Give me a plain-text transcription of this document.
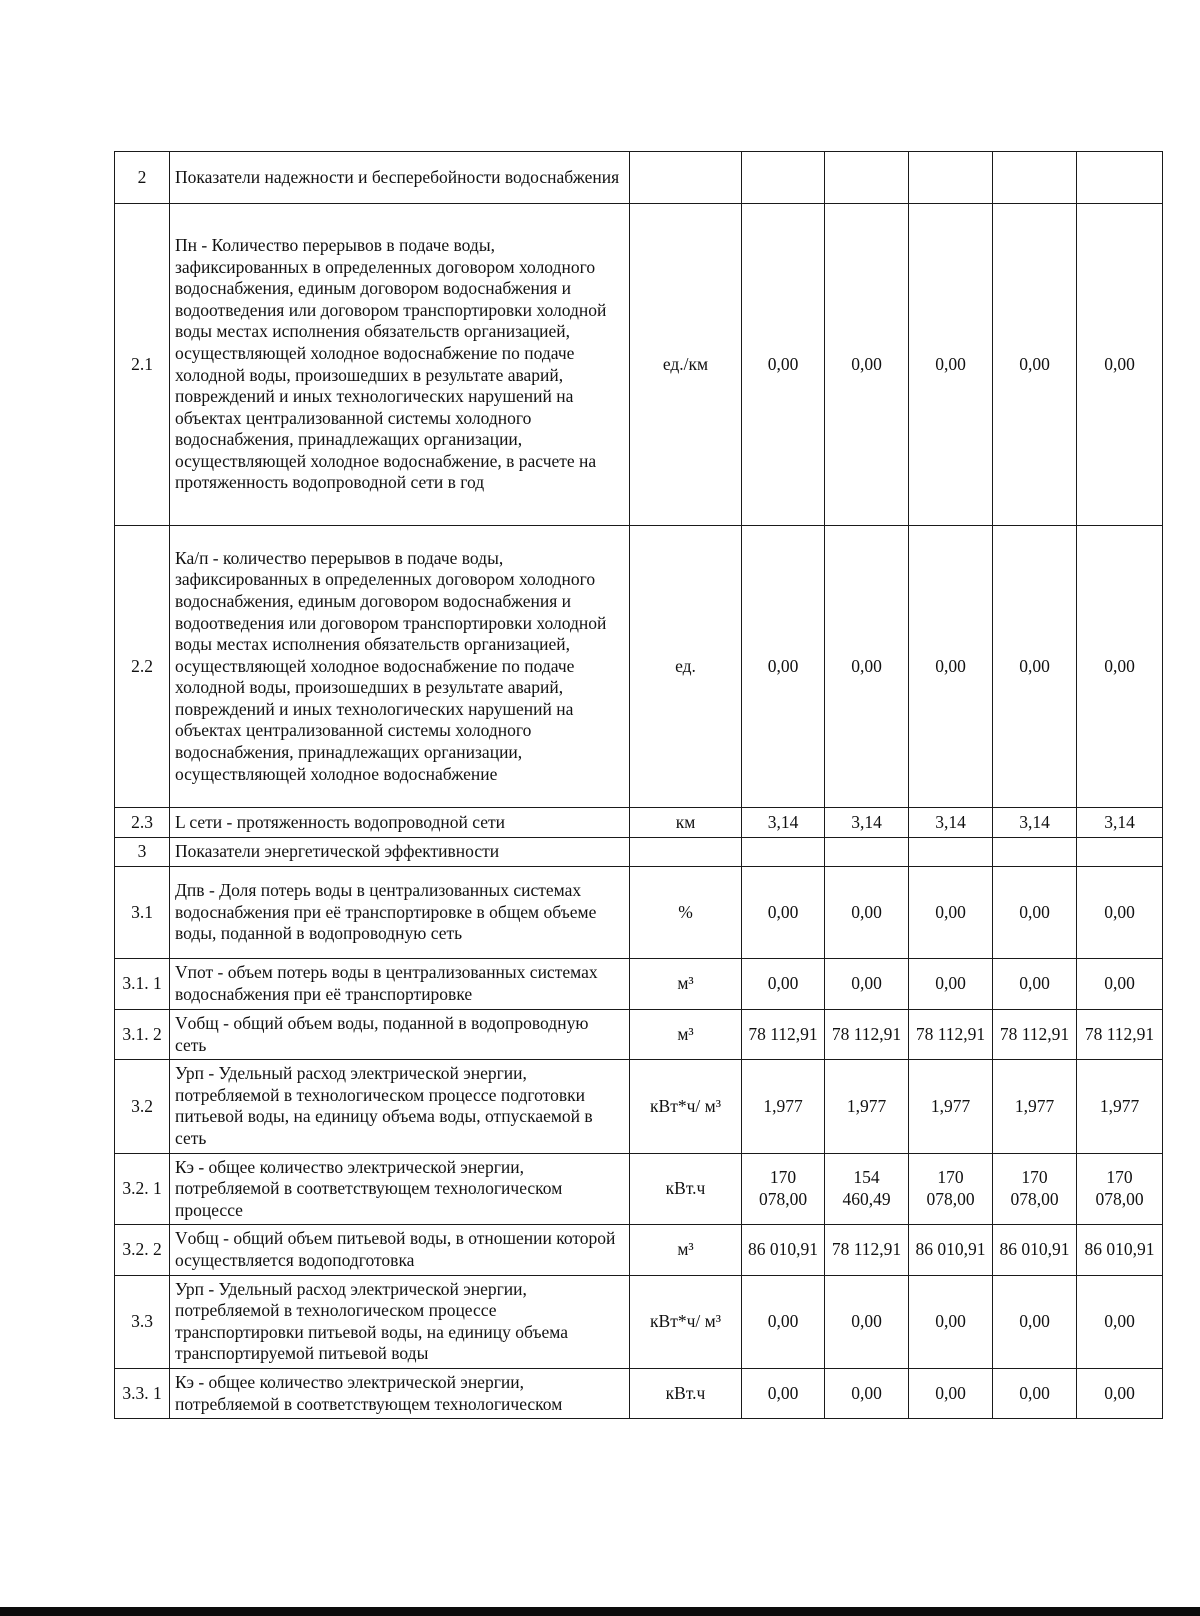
2	Показатели надежности и бесперебойности водоснабжения						
2.1	Пн - Количество перерывов в подаче воды, зафиксированных в определенных договором холодного водоснабжения, единым договором водоснабжения и водоотведения или договором транспортировки холодной воды местах исполнения обязательств организацией, осуществляющей холодное водоснабжение по подаче холодной воды, произошедших в результате аварий, повреждений и иных технологических нарушений на объектах централизованной системы холодного водоснабжения, принадлежащих организации, осуществляющей холодное водоснабжение, в расчете на протяженность водопроводной сети в год	ед./км	0,00	0,00	0,00	0,00	0,00
2.2	Ка/п - количество перерывов в подаче воды, зафиксированных в определенных договором холодного водоснабжения, единым договором водоснабжения и водоотведения или договором транспортировки холодной воды местах исполнения обязательств организацией, осуществляющей холодное водоснабжение по подаче холодной воды, произошедших в результате аварий, повреждений и иных технологических нарушений на объектах централизованной системы холодного водоснабжения, принадлежащих организации, осуществляющей холодное водоснабжение	ед.	0,00	0,00	0,00	0,00	0,00
2.3	L сети - протяженность водопроводной сети	км	3,14	3,14	3,14	3,14	3,14
3	Показатели энергетической эффективности						
3.1	Дпв - Доля потерь воды в централизованных системах водоснабжения при её транспортировке в общем объеме воды, поданной в водопроводную сеть	%	0,00	0,00	0,00	0,00	0,00
3.1. 1	Vпот - объем потерь воды в централизованных системах водоснабжения при её транспортировке	м³	0,00	0,00	0,00	0,00	0,00
3.1. 2	Vобщ - общий объем воды, поданной в водопроводную сеть	м³	78 112,91	78 112,91	78 112,91	78 112,91	78 112,91
3.2	Урп - Удельный расход электрической энергии, потребляемой в технологическом процессе подготовки питьевой воды, на единицу объема воды, отпускаемой в сеть	кВт*ч/ м³	1,977	1,977	1,977	1,977	1,977
3.2. 1	Кэ - общее количество электрической энергии, потребляемой в соответствующем технологическом процессе	кВт.ч	170 078,00	154 460,49	170 078,00	170 078,00	170 078,00
3.2. 2	Vобщ - общий объем питьевой воды, в отношении которой осуществляется водоподготовка	м³	86 010,91	78 112,91	86 010,91	86 010,91	86 010,91
3.3	Урп - Удельный расход электрической энергии, потребляемой в технологическом процессе транспортировки питьевой воды, на единицу объема транспортируемой питьевой воды	кВт*ч/ м³	0,00	0,00	0,00	0,00	0,00
3.3. 1	Кэ - общее количество электрической энергии, потребляемой в соответствующем технологическом	кВт.ч	0,00	0,00	0,00	0,00	0,00
